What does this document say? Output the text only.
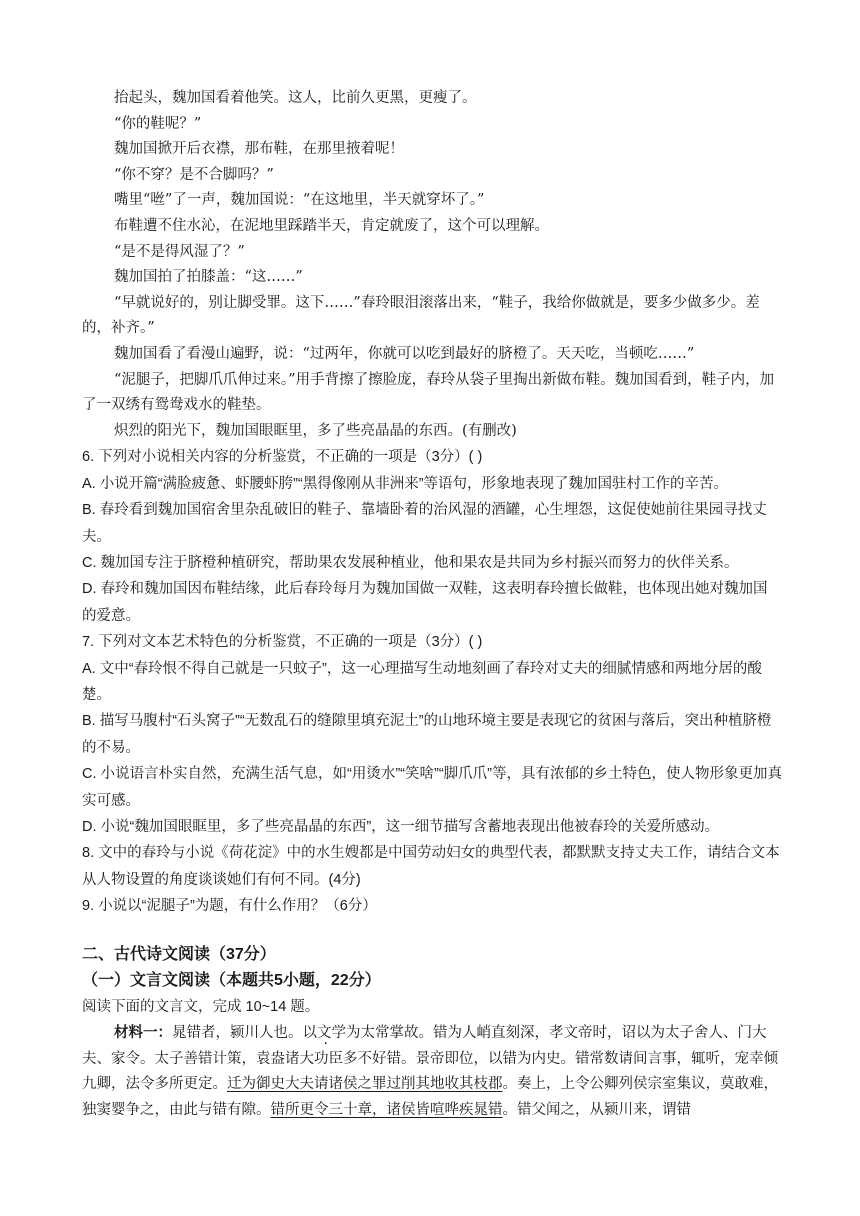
抬起头，魏加国看着他笑。这人，比前久更黑，更瘦了。

“你的鞋呢？”

魏加国掀开后衣襟，那布鞋，在那里掖着呢！

“你不穿？是不合脚吗？”

嘴里“咝”了一声，魏加国说：“在这地里，半天就穿坏了。”

布鞋遭不住水沁，在泥地里踩踏半天，肯定就废了，这个可以理解。

“是不是得风湿了？”

魏加国拍了拍膝盖：“这……”

“早就说好的，别让脚受罪。这下……”春玲眼泪滚落出来，“鞋子，我给你做就是，要多少做多少。差的，补齐。”

魏加国看了看漫山遍野，说：“过两年，你就可以吃到最好的脐橙了。天天吃，当顿吃……”

“泥腿子，把脚爪爪伸过来。”用手背擦了擦脸庞，春玲从袋子里掏出新做布鞋。魏加国看到，鞋子内，加了一双绣有鸳鸯戏水的鞋垫。

炽烈的阳光下，魏加国眼眶里，多了些亮晶晶的东西。(有删改)

6. 下列对小说相关内容的分析鉴赏，不正确的一项是（3分）( )

A. 小说开篇“满脸疲惫、虾腰虾胯”“黑得像刚从非洲来”等语句，形象地表现了魏加国驻村工作的辛苦。

B. 春玲看到魏加国宿舍里杂乱破旧的鞋子、靠墙卧着的治风湿的酒罐，心生埋怨，这促使她前往果园寻找丈夫。

C. 魏加国专注于脐橙种植研究，帮助果农发展种植业，他和果农是共同为乡村振兴而努力的伙伴关系。

D. 春玲和魏加国因布鞋结缘，此后春玲每月为魏加国做一双鞋，这表明春玲擅长做鞋，也体现出她对魏加国的爱意。

7. 下列对文本艺术特色的分析鉴赏，不正确的一项是（3分）( )

A. 文中“春玲恨不得自己就是一只蚊子”，这一心理描写生动地刻画了春玲对丈夫的细腻情感和两地分居的酸楚。

B. 描写马腹村“石头窝子”“无数乱石的缝隙里填充泥土”的山地环境主要是表现它的贫困与落后，突出种植脐橙的不易。

C. 小说语言朴实自然，充满生活气息，如“用烫水”“笑啥”“脚爪爪”等，具有浓郁的乡土特色，使人物形象更加真实可感。

D. 小说“魏加国眼眶里，多了些亮晶晶的东西”，这一细节描写含蓄地表现出他被春玲的关爱所感动。

8. 文中的春玲与小说《荷花淀》中的水生嫂都是中国劳动妇女的典型代表，都默默支持丈夫工作，请结合文本从人物设置的角度谈谈她们有何不同。(4分)

9. 小说以“泥腿子”为题，有什么作用？（6分）

二、古代诗文阅读（37分）

（一）文言文阅读（本题共5小题，22分）

阅读下面的文言文，完成 10~14 题。

材料一：晁错者，颍川人也。以文学为太常掌故。错为人峭直刻深，孝文帝时，诏以为太子舍人、门大夫、家令。太子善错计策，袁盎诸大功臣多不好错。景帝即位，以错为内史。错常数请间言事，辄听，宠幸倾九卿，法令多所更定。迁为御史大夫请诸侯之罪过削其地收其枝郡。奏上，上令公卿列侯宗室集议，莫敢难，独窦婴争之，由此与错有隙。错所更令三十章，诸侯皆喧哗疾晁错。错父闻之，从颍川来，谓错
